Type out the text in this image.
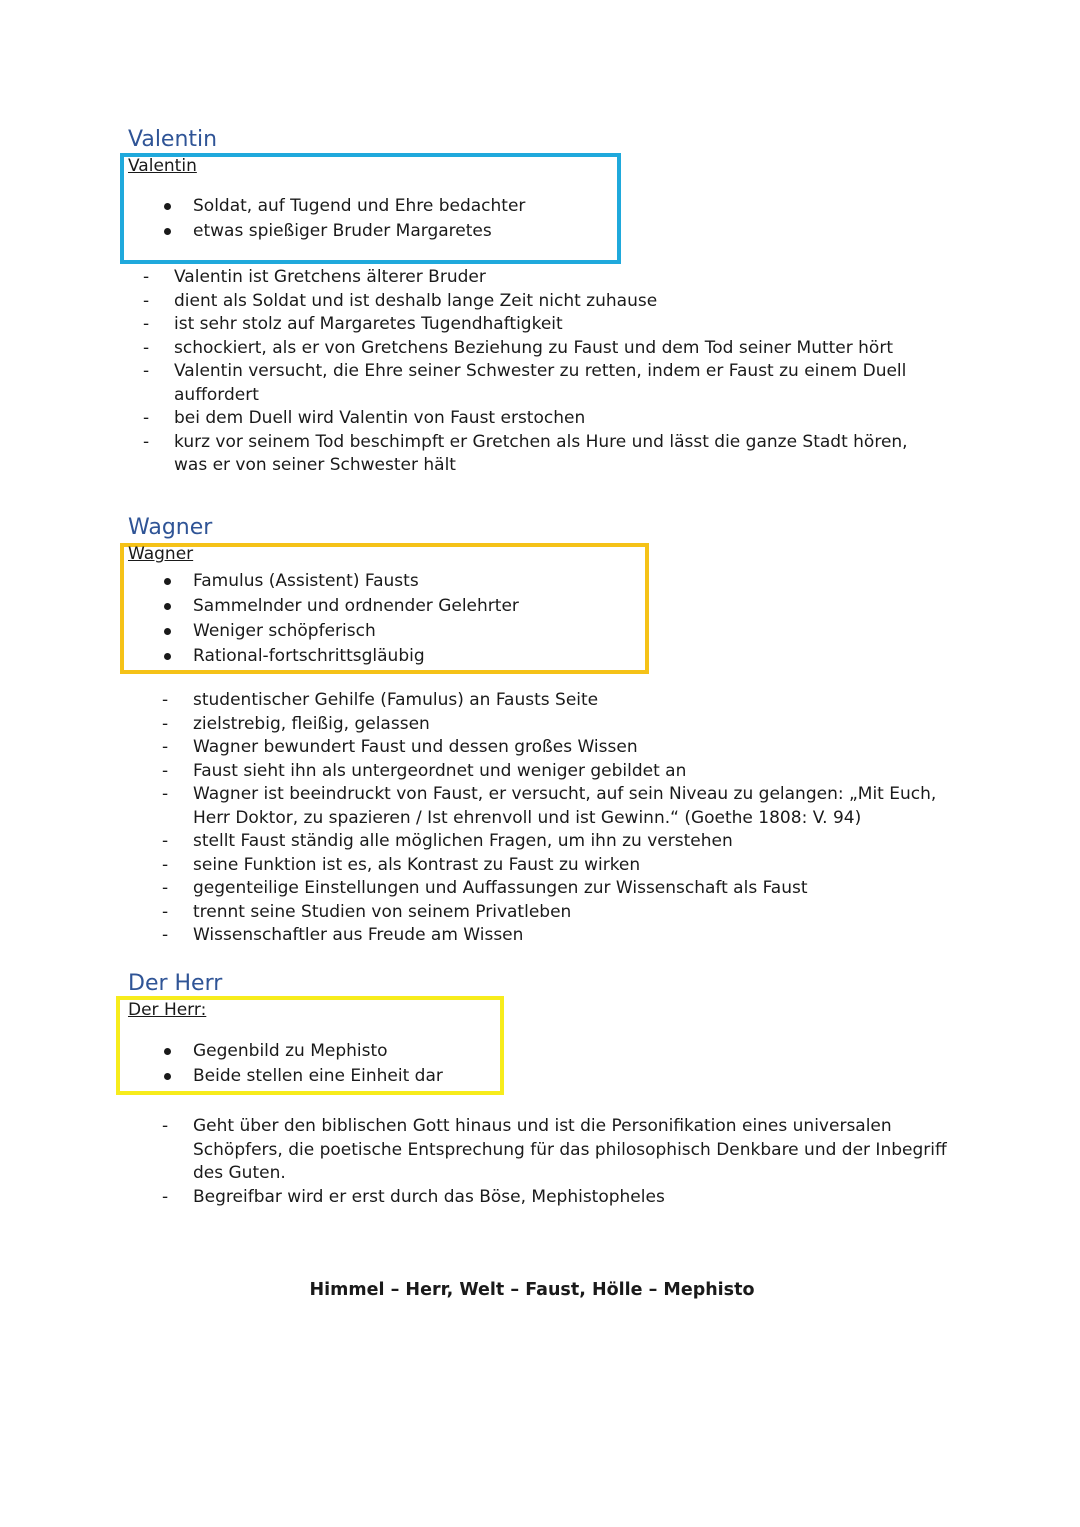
Valentin

Valentin

Soldat, auf Tugend und Ehre bedachter
etwas spießiger Bruder Margaretes
- Valentin ist Gretchens älterer Bruder
- dient als Soldat und ist deshalb lange Zeit nicht zuhause
- ist sehr stolz auf Margaretes Tugendhaftigkeit
- schockiert, als er von Gretchens Beziehung zu Faust und dem Tod seiner Mutter hört
- Valentin versucht, die Ehre seiner Schwester zu retten, indem er Faust zu einem Duell auffordert
- bei dem Duell wird Valentin von Faust erstochen
- kurz vor seinem Tod beschimpft er Gretchen als Hure und lässt die ganze Stadt hören, was er von seiner Schwester hält
Wagner

Wagner

Famulus (Assistent) Fausts
Sammelnder und ordnender Gelehrter
Weniger schöpferisch
Rational-fortschrittsgläubig
- studentischer Gehilfe (Famulus) an Fausts Seite
- zielstrebig, fleißig, gelassen
- Wagner bewundert Faust und dessen großes Wissen
- Faust sieht ihn als untergeordnet und weniger gebildet an
- Wagner ist beeindruckt von Faust, er versucht, auf sein Niveau zu gelangen: „Mit Euch, Herr Doktor, zu spazieren / Ist ehrenvoll und ist Gewinn.“ (Goethe 1808: V. 94)
- stellt Faust ständig alle möglichen Fragen, um ihn zu verstehen
- seine Funktion ist es, als Kontrast zu Faust zu wirken
- gegenteilige Einstellungen und Auffassungen zur Wissenschaft als Faust
- trennt seine Studien von seinem Privatleben
- Wissenschaftler aus Freude am Wissen
Der Herr

Der Herr:

Gegenbild zu Mephisto
Beide stellen eine Einheit dar
- Geht über den biblischen Gott hinaus und ist die Personifikation eines universalen Schöpfers, die poetische Entsprechung für das philosophisch Denkbare und der Inbegriff des Guten.
- Begreifbar wird er erst durch das Böse, Mephistopheles

Himmel – Herr, Welt – Faust, Hölle – Mephisto
